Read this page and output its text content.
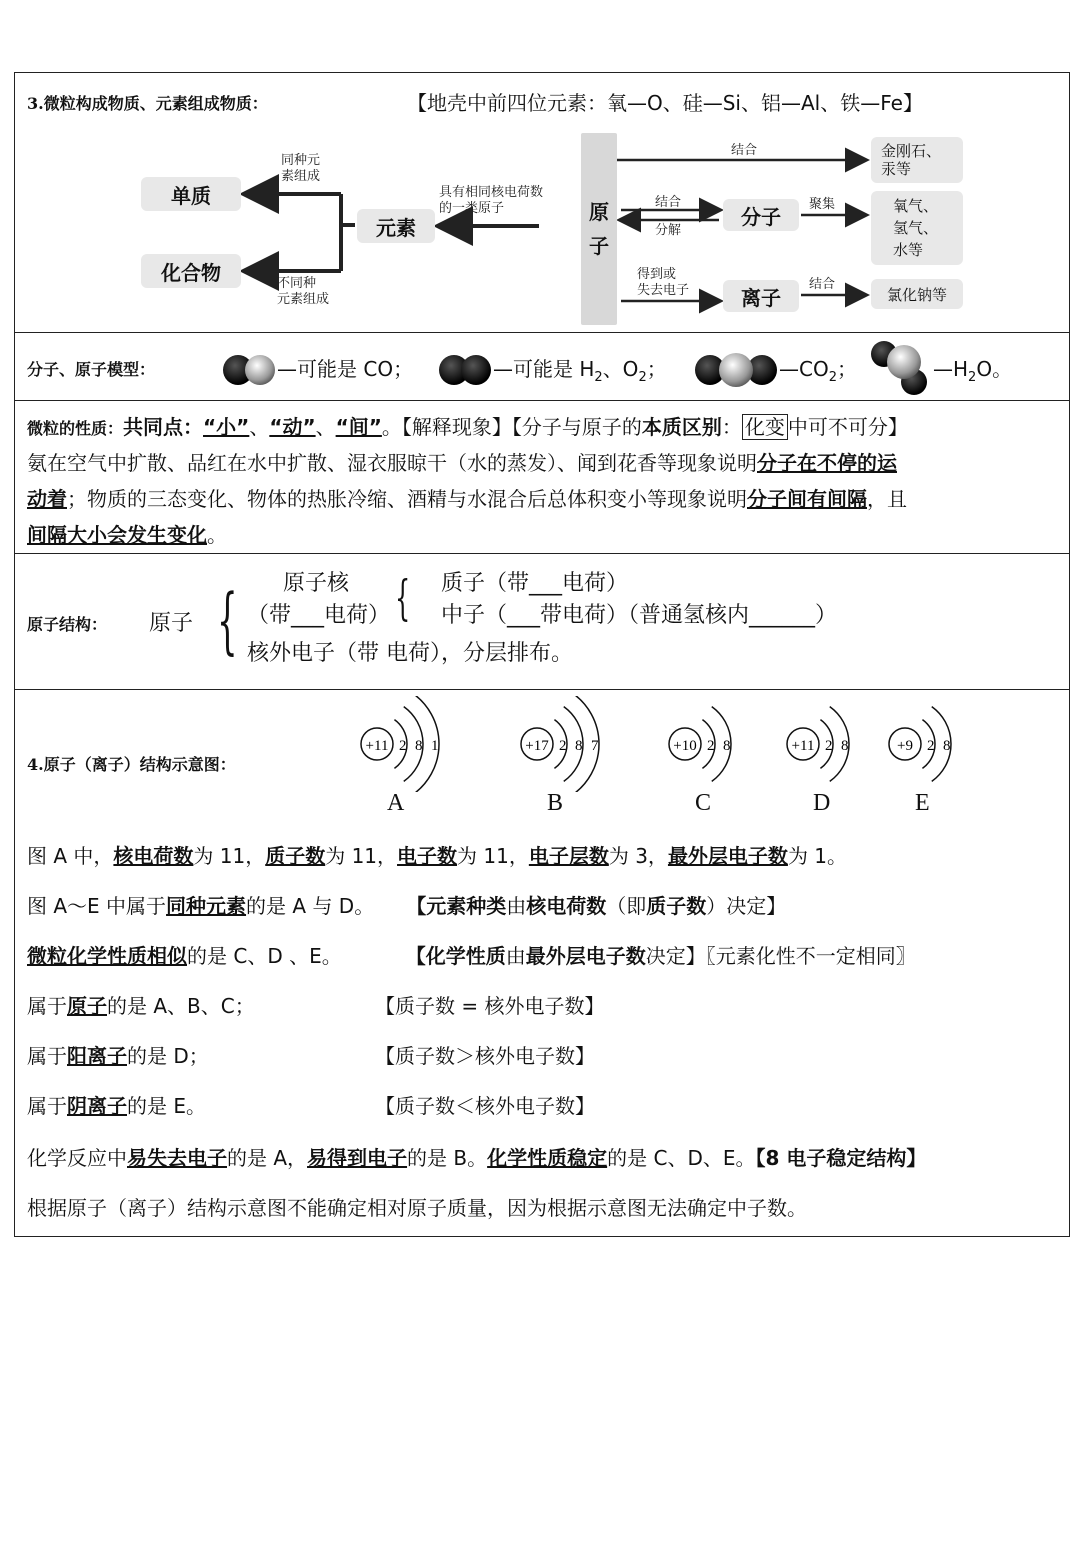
3.微粒构成物质、元素组成物质：	【地壳中前四位元素：氧—O、硅—Si、铝—Al、铁—Fe】
单质
化合物
元素
同种元
素组成
不同种
元素组成
具有相同核电荷数
的一类原子	原
子
结合
结合
分解
分子	聚集
得到或
失去电子	离子
结合
金刚石、
汞等
氧气、
氢气、
水等
氯化钠等
分子、原子模型：	—可能是 CO；	—可能是 $H_2$、$O_2$；	$—CO_2$；	$—H_2O$。
微粒的性质：共同点：“小”、“动”、“间”。【解释现象】【分子与原子的本质区别： 化变 中可不可分】
氨在空气中扩散、品红在水中扩散、湿衣服晾干（水的蒸发）、闻到花香等现象说明分子在不停的运
动着；物质的三态变化、物体的热胀冷缩、酒精与水混合后总体积变小等现象说明分子间有间隔，且
间隔大小会发生变化。
原子结构： 原子 { 原子核
（带___电荷） { 质子（带___电荷）
中子（___带电荷）（普通氢核内______）
核外电子（带 电荷），分层排布。
4.原子（离子）结构示意图：
+11 2 8 1
A
+17 2 8 7
B
+10 2 8
C
+11 2 8
D
+9 2 8
E
图 A 中，核电荷数为 11，质子数为 11，电子数为 11，电子层数为 3，最外层电子数为 1。
图 A～E 中属于同种元素的是 A 与 D。 【元素种类由核电荷数（即质子数）决定】
微粒化学性质相似的是 C、D 、E。	【化学性质由最外层电子数决定】〖元素化性不一定相同〗
属于原子的是 A、B、C；	【质子数 = 核外电子数】
属于阳离子的是 D；	【质子数＞核外电子数】
属于阴离子的是 E。	【质子数＜核外电子数】
化学反应中易失去电子的是 A，易得到电子的是 B。化学性质稳定的是 C、D、E。【8 电子稳定结构】
根据原子（离子）结构示意图不能确定相对原子质量，因为根据示意图无法确定中子数。
